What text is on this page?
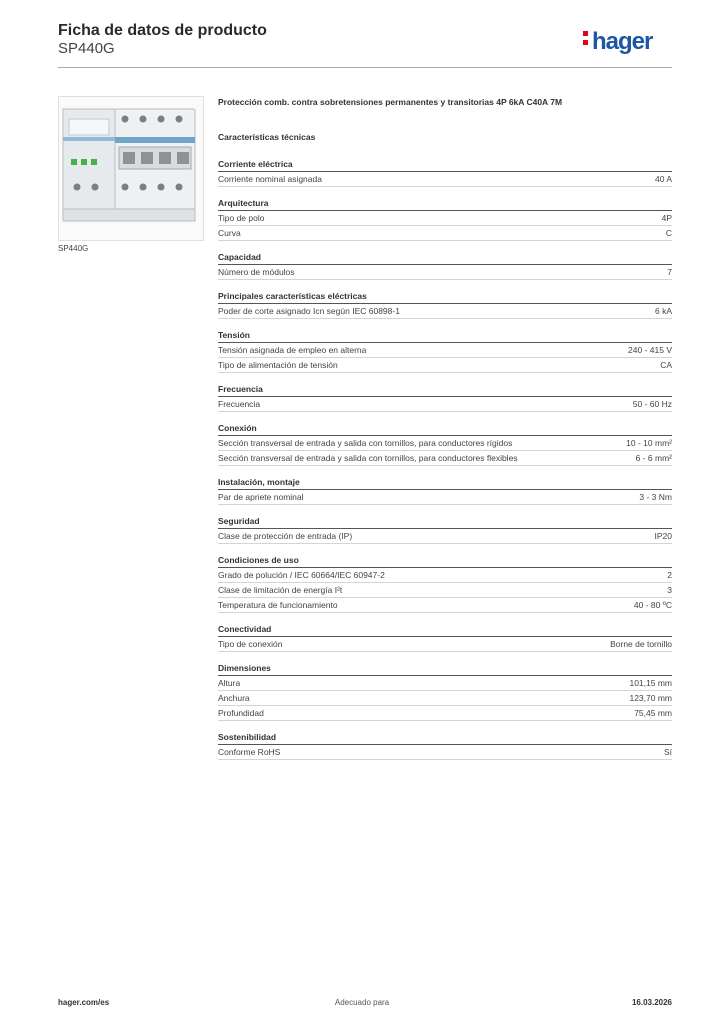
Ficha de datos de producto
SP440G	hager
SP440G
Protección comb. contra sobretensiones permanentes y transitorias 4P 6kA C40A 7M
Características técnicas
Corriente eléctrica
Corriente nominal asignada	40 A
Arquitectura
Tipo de polo	4P
Curva	C
Capacidad
Número de módulos	7
Principales características eléctricas
Poder de corte asignado Icn según IEC 60898-1	6 kA
Tensión
Tensión asignada de empleo en alterna	240 - 415 V
Tipo de alimentación de tensión	CA
Frecuencia
Frecuencia	50 - 60 Hz
Conexión
Sección transversal de entrada y salida con tornillos, para conductores rígidos	10 - 10 mm²
Sección transversal de entrada y salida con tornillos, para conductores flexibles	6 - 6 mm²
Instalación, montaje
Par de apriete nominal	3 - 3 Nm
Seguridad
Clase de protección de entrada (IP)	IP20
Condiciones de uso
Grado de polución / IEC 60664/IEC 60947-2	2
Clase de limitación de energía I²t	3
Temperatura de funcionamiento	40 - 80 ºC
Conectividad
Tipo de conexión	Borne de tornillo
Dimensiones
Altura	101,15 mm
Anchura	123,70 mm
Profundidad	75,45 mm
Sostenibilidad
Conforme RoHS	Sí
hager.com/es	Adecuado para	16.03.2026
